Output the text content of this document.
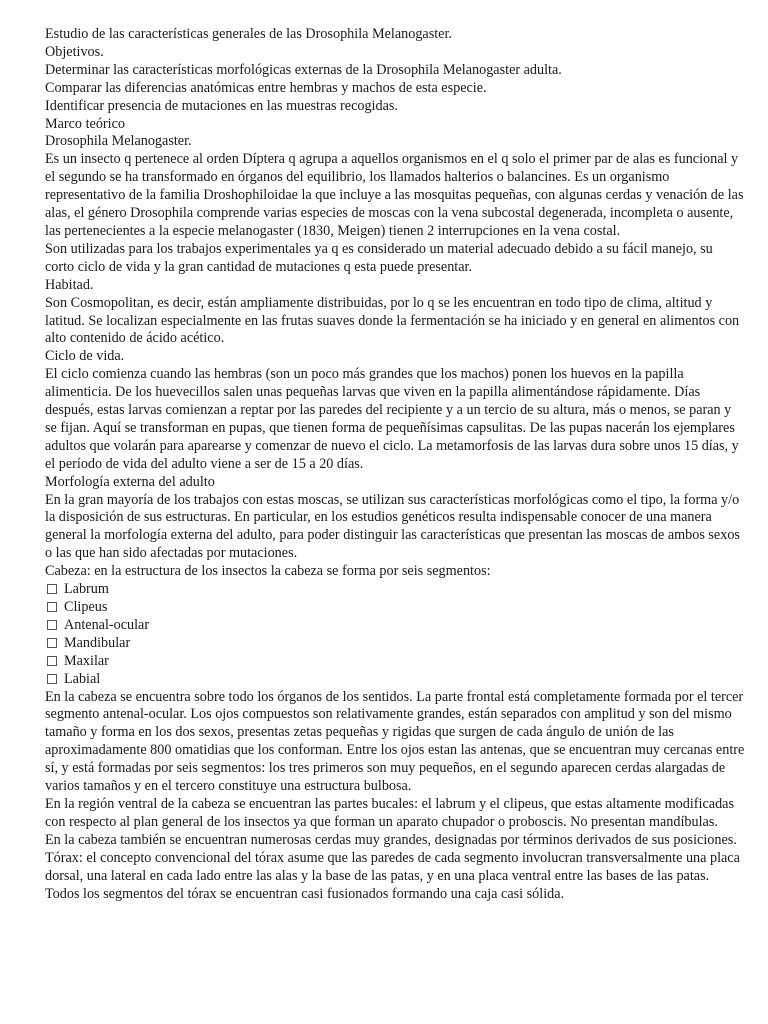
Estudio de las características generales de las Drosophila Melanogaster.
Objetivos.
Determinar las características morfológicas externas de la Drosophila Melanogaster adulta.
Comparar las diferencias anatómicas entre hembras y machos de esta especie.
Identificar presencia de mutaciones en las muestras recogidas.
Marco teórico
Drosophila Melanogaster.
Es un insecto q pertenece al orden Díptera q agrupa a aquellos organismos en el q solo el primer par de alas es funcional y el segundo se ha transformado en órganos del equilibrio, los llamados halterios o balancines. Es un organismo representativo de la familia Droshophiloidae la que incluye a las mosquitas pequeñas, con algunas cerdas y venación de las alas, el género Drosophila comprende varias especies de moscas con la vena subcostal degenerada, incompleta o ausente, las pertenecientes a la especie melanogaster (1830, Meigen) tienen 2 interrupciones en la vena costal.
Son utilizadas para los trabajos experimentales ya q es considerado un material adecuado debido a su fácil manejo, su corto ciclo de vida y la gran cantidad de mutaciones q esta puede presentar.
Habitad.
Son Cosmopolitan, es decir, están ampliamente distribuidas, por lo q se les encuentran en todo tipo de clima, altitud y latitud. Se localizan especialmente en las frutas suaves donde la fermentación se ha iniciado y en general en alimentos con alto contenido de ácido acético.
Ciclo de vida.
El ciclo comienza cuando las hembras (son un poco más grandes que los machos) ponen los huevos en la papilla alimenticia. De los huevecillos salen unas pequeñas larvas que viven en la papilla alimentándose rápidamente. Días después, estas larvas comienzan a reptar por las paredes del recipiente y a un tercio de su altura, más o menos, se paran y se fijan. Aquí se transforman en pupas, que tienen forma de pequeñísimas capsulitas. De las pupas nacerán los ejemplares adultos que volarán para aparearse y comenzar de nuevo el ciclo. La metamorfosis de las larvas dura sobre unos 15 días, y el período de vida del adulto viene a ser de 15 a 20 días.
Morfología externa del adulto
En la gran mayoría de los trabajos con estas moscas, se utilizan sus características morfológicas como el tipo, la forma y/o la disposición de sus estructuras. En particular, en los estudios genéticos resulta indispensable conocer de una manera general la morfología externa del adulto, para poder distinguir las características que presentan las moscas de ambos sexos o las que han sido afectadas por mutaciones.
Cabeza: en la estructura de los insectos la cabeza se forma por seis segmentos:
Labrum
Clipeus
Antenal-ocular
Mandibular
Maxilar
Labial
En la cabeza se encuentra sobre todo los órganos de los sentidos. La parte frontal está completamente formada por el tercer segmento antenal-ocular. Los ojos compuestos son relativamente grandes, están separados con amplitud y son del mismo tamaño y forma en los dos sexos, presentas zetas pequeñas y rigidas que surgen de cada ángulo de unión de las aproximadamente 800 omatidias que los conforman. Entre los ojos estan las antenas, que se encuentran muy cercanas entre sí, y está formadas por seis segmentos: los tres primeros son muy pequeños, en el segundo aparecen cerdas alargadas de varios tamaños y en el tercero constituye una estructura bulbosa.
En la región ventral de la cabeza se encuentran las partes bucales: el labrum y el clipeus, que estas altamente modificadas con respecto al plan general de los insectos ya que forman un aparato chupador o proboscis. No presentan mandíbulas.
En la cabeza también se encuentran numerosas cerdas muy grandes, designadas por términos derivados de sus posiciones.
Tórax: el concepto convencional del tórax asume que las paredes de cada segmento involucran transversalmente una placa dorsal, una lateral en cada lado entre las alas y la base de las patas, y en una placa ventral entre las bases de las patas. Todos los segmentos del tórax se encuentran casi fusionados formando una caja casi sólida.
